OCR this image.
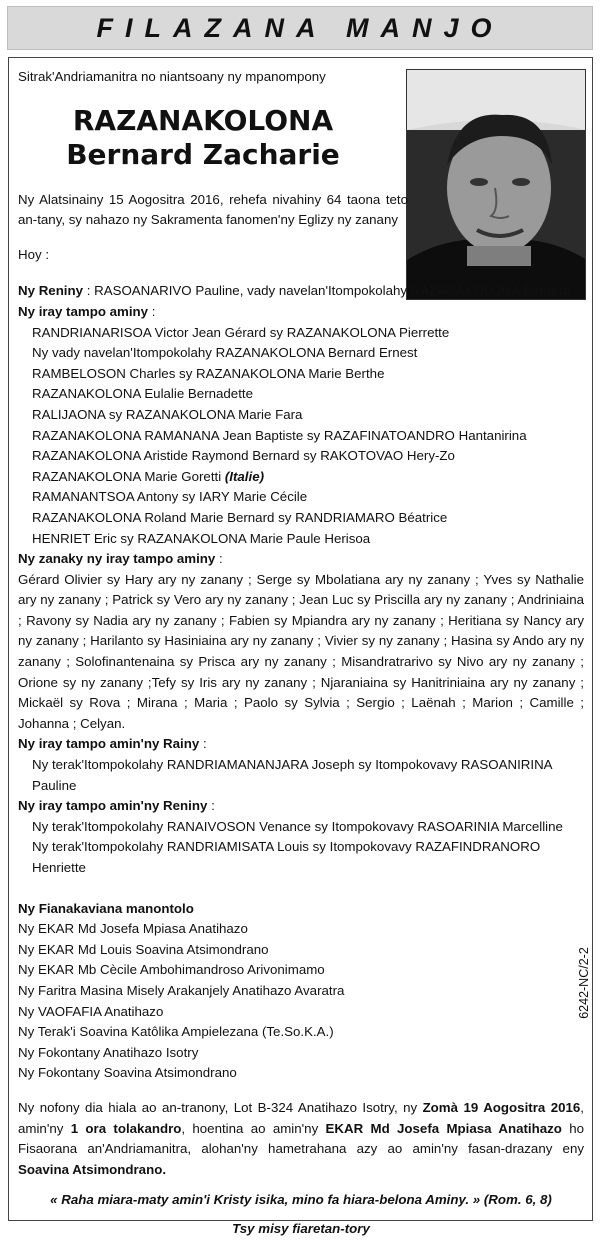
FILAZANA MANJO

Sitrak'Andriamanitra no niantsoany ny mpanompony

RAZANAKOLONA
Bernard Zacharie

Ny Alatsinainy 15 Aogositra 2016, rehefa nivahiny 64 taona teto an-tany, sy nahazo ny Sakramenta fanomen'ny Eglizy ny zanany

Hoy :

Ny Reniny : RASOANARIVO Pauline, vady navelan'Itompokolahy RAZANAKOLONA Bernard

Ny iray tampo aminy :

RANDRIANARISOA Victor Jean Gérard sy RAZANAKOLONA Pierrette

Ny vady navelan'Itompokolahy RAZANAKOLONA Bernard Ernest

RAMBELOSON Charles sy RAZANAKOLONA Marie Berthe

RAZANAKOLONA Eulalie Bernadette

RALIJAONA sy RAZANAKOLONA Marie Fara

RAZANAKOLONA RAMANANA Jean Baptiste sy RAZAFINATOANDRO Hantanirina

RAZANAKOLONA Aristide Raymond Bernard sy RAKOTOVAO Hery-Zo

RAZANAKOLONA Marie Goretti (Italie)

RAMANANTSOA Antony sy IARY Marie Cécile

RAZANAKOLONA Roland Marie Bernard sy RANDRIAMARO Béatrice

HENRIET Eric sy RAZANAKOLONA Marie Paule Herisoa

Ny zanaky ny iray tampo aminy :

Gérard Olivier sy Hary ary ny zanany ; Serge sy Mbolatiana ary ny zanany ; Yves sy Nathalie ary ny zanany ; Patrick sy Vero ary ny zanany ; Jean Luc sy Priscilla ary ny zanany ; Andriniaina ; Ravony sy Nadia ary ny zanany ; Fabien sy Mpiandra ary ny zanany ; Heritiana sy Nancy ary ny zanany ; Harilanto sy Hasiniaina ary ny zanany ; Vivier sy ny zanany ; Hasina sy Ando ary ny zanany ; Solofinantenaina sy Prisca ary ny zanany ; Misandratrarivo sy Nivo ary ny zanany ; Orione sy ny zanany ;Tefy sy Iris ary ny zanany ; Njaraniaina sy Hanitriniaina ary ny zanany ; Mickaël sy Rova ; Mirana ; Maria ; Paolo sy Sylvia ; Sergio ; Laënah ; Marion ; Camille ; Johanna ; Celyan.

Ny iray tampo amin'ny Rainy :

Ny terak'Itompokolahy RANDRIAMANANJARA Joseph sy Itompokovavy RASOANIRINA Pauline

Ny iray tampo amin'ny Reniny :

Ny terak'Itompokolahy RANAIVOSON Venance sy Itompokovavy RASOARINIA Marcelline

Ny terak'Itompokolahy RANDRIAMISATA Louis sy Itompokovavy RAZAFINDRANORO Henriette

Ny Fianakaviana manontolo

Ny EKAR Md Josefa Mpiasa Anatihazo

Ny EKAR Md Louis Soavina Atsimondrano

Ny EKAR Mb Cècile Ambohimandroso Arivonimamo

Ny Faritra Masina Misely Arakanjely Anatihazo Avaratra

Ny VAOFAFIA Anatihazo

Ny Terak'i Soavina Katôlika Ampielezana (Te.So.K.A.)

Ny Fokontany Anatihazo Isotry

Ny Fokontany Soavina Atsimondrano

Ny nofony dia hiala ao an-tranony, Lot B-324 Anatihazo Isotry, ny Zomà 19 Aogositra 2016, amin'ny 1 ora tolakandro, hoentina ao amin'ny EKAR Md Josefa Mpiasa Anatihazo ho Fisaorana an'Andriamanitra, alohan'ny hametrahana azy ao amin'ny fasan-drazany eny Soavina Atsimondrano.

« Raha miara-maty amin'i Kristy isika, mino fa hiara-belona Aminy. » (Rom. 6, 8)

Tsy misy fiaretan-tory

6242-NC/2-2
